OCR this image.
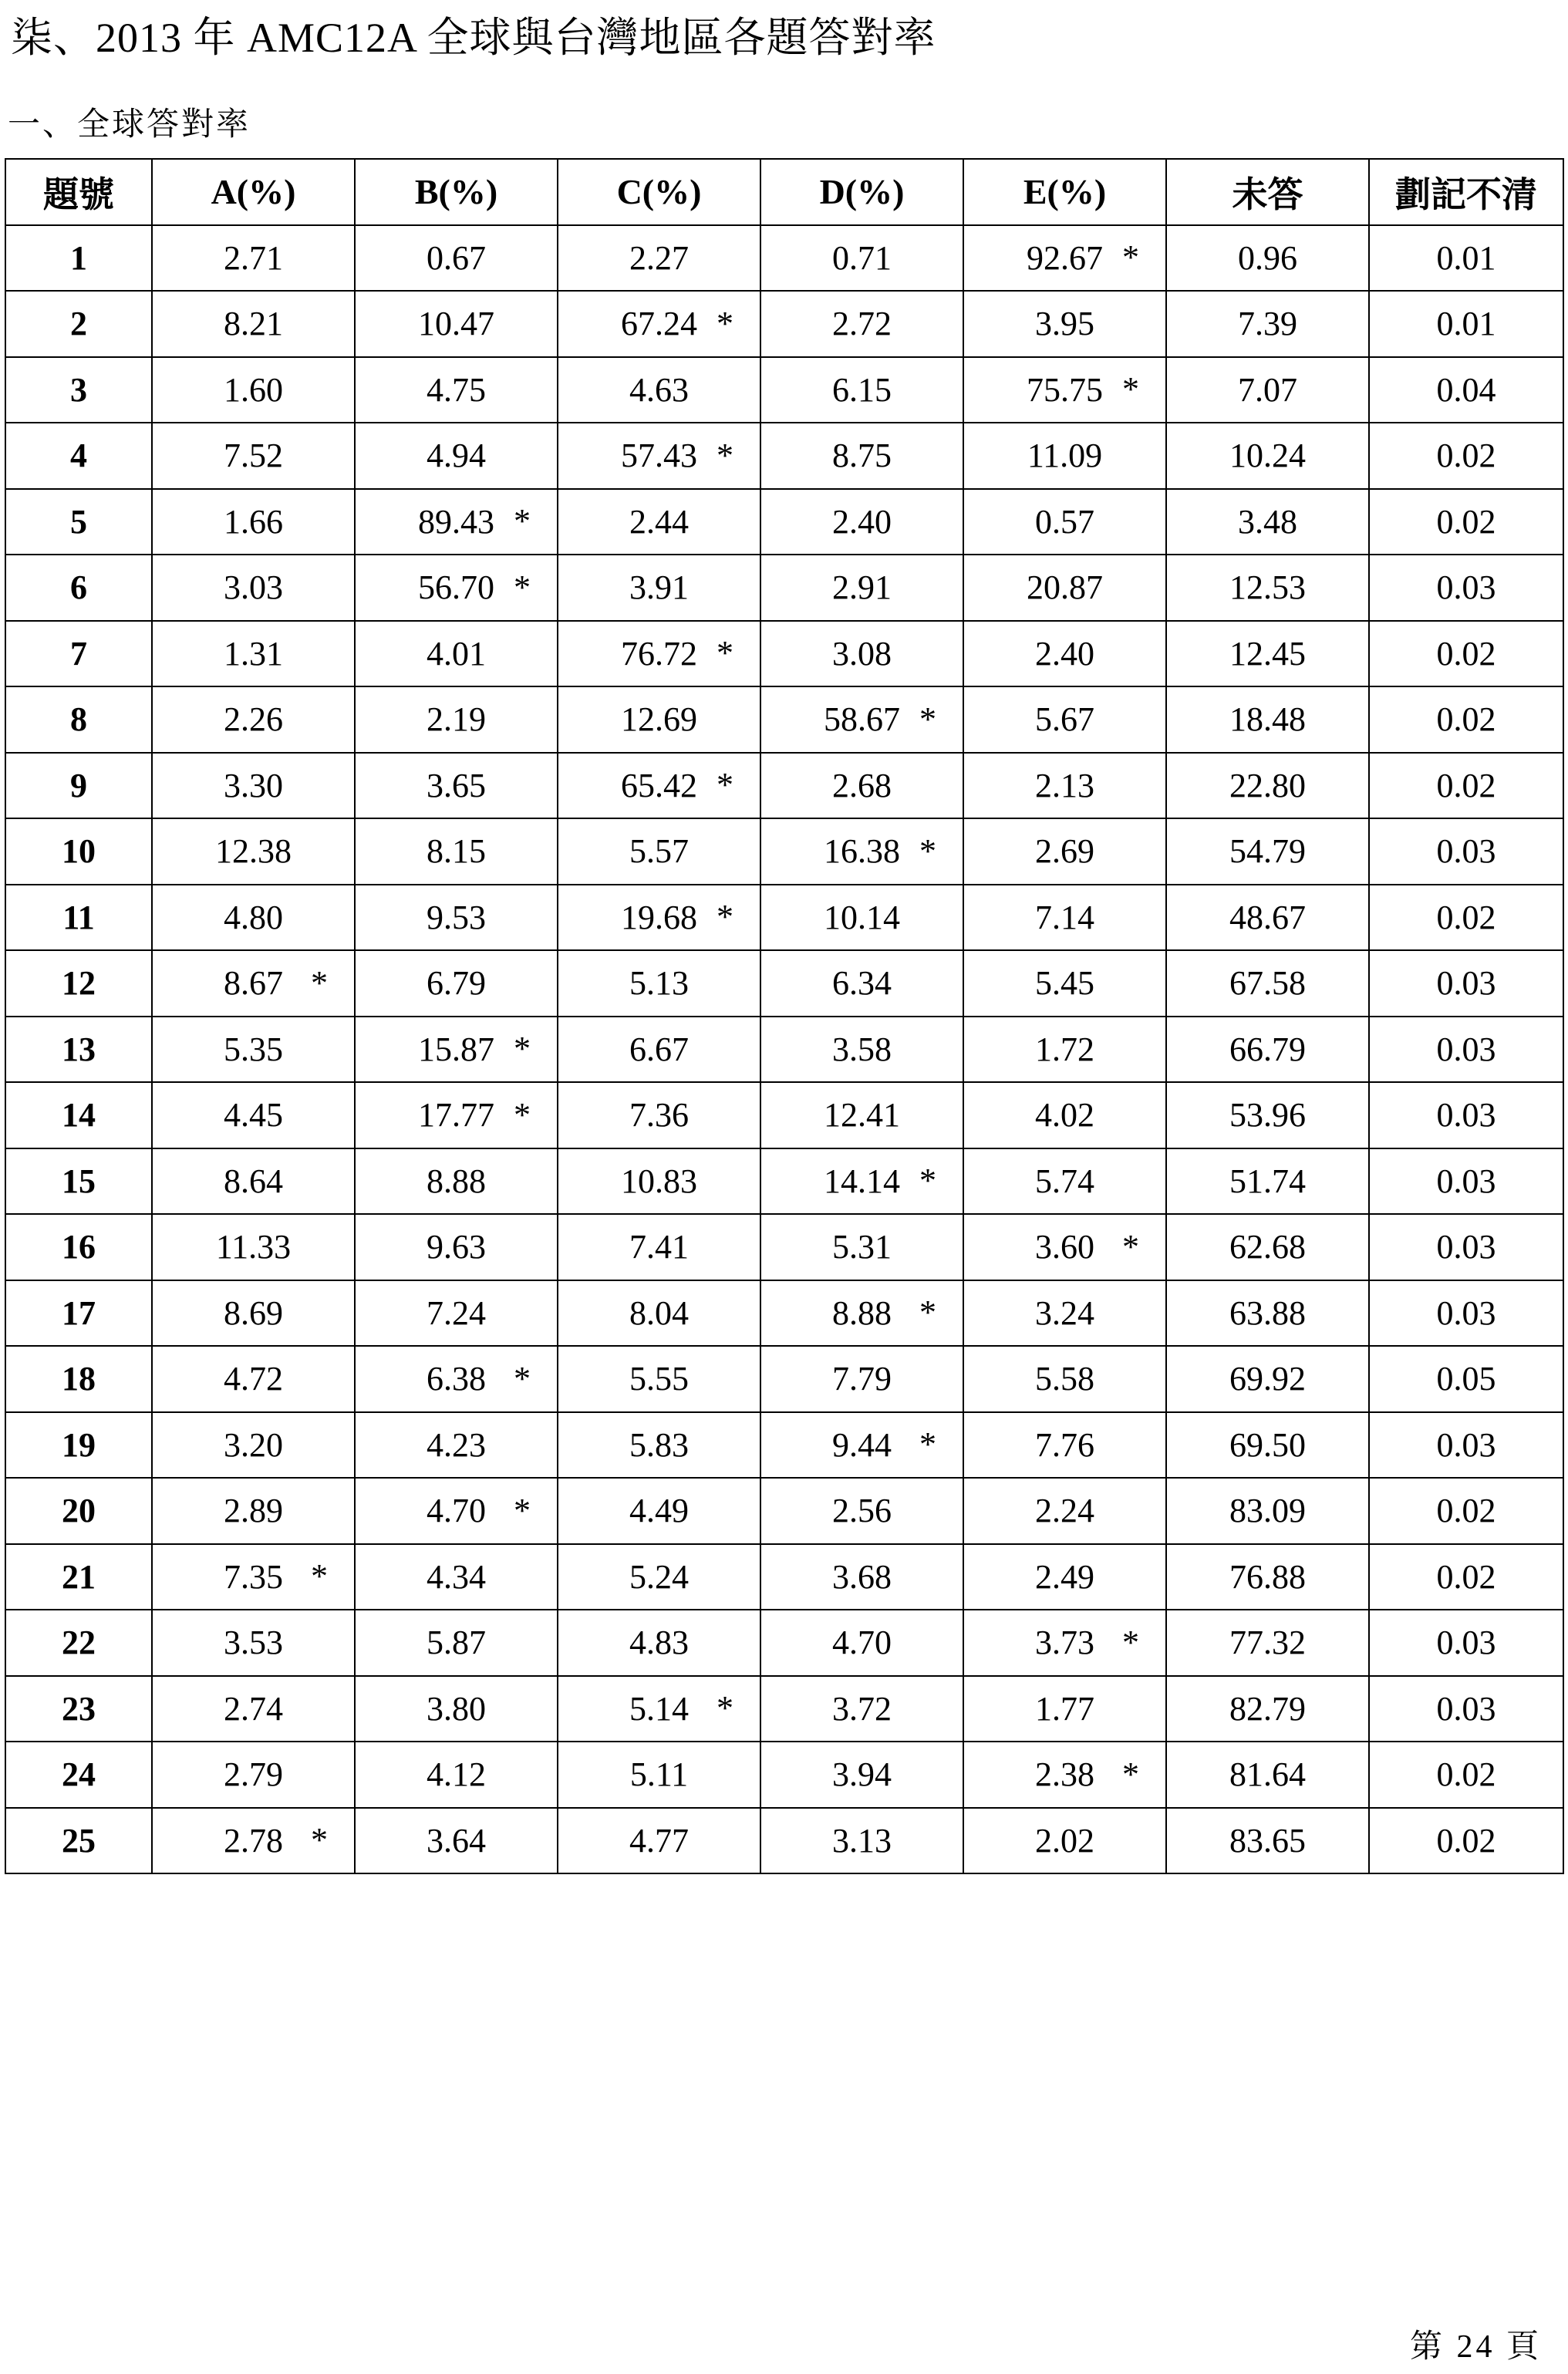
柒、2013 年 AMC12A 全球與台灣地區各題答對率
一、全球答對率
題號	A(%)	B(%)	C(%)	D(%)	E(%)	未答	劃記不清
1	2.71	0.67	2.27	0.71	92.67 *	0.96	0.01
2	8.21	10.47	67.24 *	2.72	3.95	7.39	0.01
3	1.60	4.75	4.63	6.15	75.75 *	7.07	0.04
4	7.52	4.94	57.43 *	8.75	11.09	10.24	0.02
5	1.66	89.43 *	2.44	2.40	0.57	3.48	0.02
6	3.03	56.70 *	3.91	2.91	20.87	12.53	0.03
7	1.31	4.01	76.72 *	3.08	2.40	12.45	0.02
8	2.26	2.19	12.69	58.67 *	5.67	18.48	0.02
9	3.30	3.65	65.42 *	2.68	2.13	22.80	0.02
10	12.38	8.15	5.57	16.38 *	2.69	54.79	0.03
11	4.80	9.53	19.68 *	10.14	7.14	48.67	0.02
12	8.67 *	6.79	5.13	6.34	5.45	67.58	0.03
13	5.35	15.87 *	6.67	3.58	1.72	66.79	0.03
14	4.45	17.77 *	7.36	12.41	4.02	53.96	0.03
15	8.64	8.88	10.83	14.14 *	5.74	51.74	0.03
16	11.33	9.63	7.41	5.31	3.60 *	62.68	0.03
17	8.69	7.24	8.04	8.88 *	3.24	63.88	0.03
18	4.72	6.38 *	5.55	7.79	5.58	69.92	0.05
19	3.20	4.23	5.83	9.44 *	7.76	69.50	0.03
20	2.89	4.70 *	4.49	2.56	2.24	83.09	0.02
21	7.35 *	4.34	5.24	3.68	2.49	76.88	0.02
22	3.53	5.87	4.83	4.70	3.73 *	77.32	0.03
23	2.74	3.80	5.14 *	3.72	1.77	82.79	0.03
24	2.79	4.12	5.11	3.94	2.38 *	81.64	0.02
25	2.78 *	3.64	4.77	3.13	2.02	83.65	0.02
第 24 頁
